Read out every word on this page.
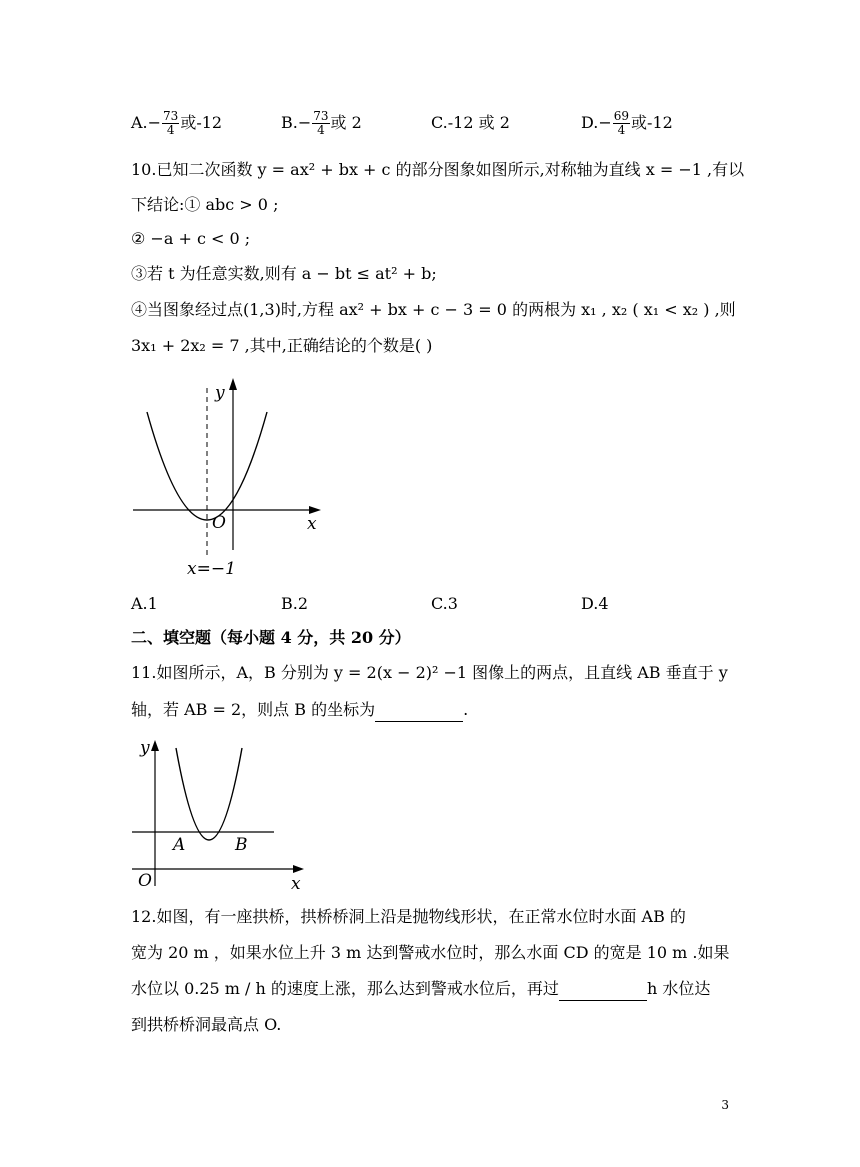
$A.- \frac{73}{4}$ 或-12	$B.- \frac{73}{4}$ 或 2	C.-12 或 2	$D.- \frac{69}{4}$ 或-12
10.已知二次函数 y = ax² + bx + c 的部分图象如图所示,对称轴为直线 x = −1 ,有以
下结论:① abc > 0 ;
② −a + c < 0 ;
③若 t 为任意实数,则有 a − bt ≤ at² + b;
④当图象经过点(1,3)时,方程 ax² + bx + c − 3 = 0 的两根为 x₁ , x₂ ( x₁ < x₂ ) ,则
3x₁ + 2x₂ = 7 ,其中,正确结论的个数是( )
y
x
O
x=−1
A.1	B.2	C.3	D.4
二、填空题（每小题 4 分，共 20 分）
11.如图所示，A，B 分别为 y = 2(x − 2)² −1 图像上的两点，且直线 AB 垂直于 y
轴，若 AB = 2，则点 B 的坐标为	.
y
x
O
A	B
12.如图，有一座拱桥，拱桥桥洞上沿是抛物线形状，在正常水位时水面 AB 的
宽为 20 m ，如果水位上升 3 m 达到警戒水位时，那么水面 CD 的宽是 10 m .如果
水位以 0.25 m / h 的速度上涨，那么达到警戒水位后，再过	h 水位达
到拱桥桥洞最高点 O.
3
